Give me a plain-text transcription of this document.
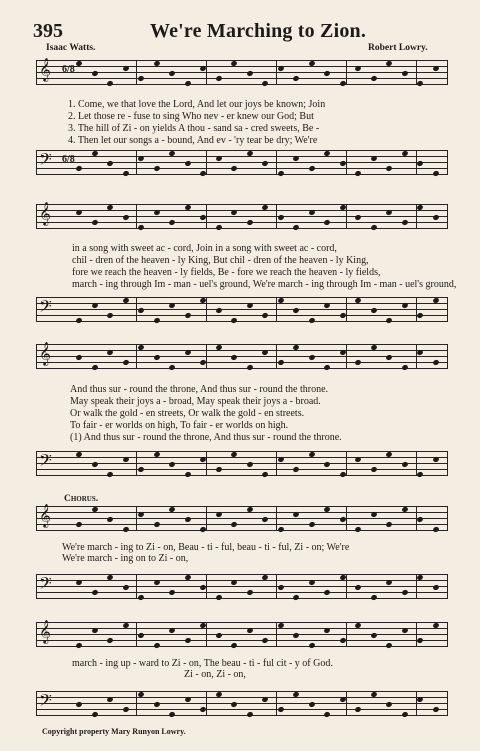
395	We're Marching to Zion.
Isaac Watts.	Robert Lowry.
𝄞 6/8
1. Come, we that love the Lord, And let our joys be known; Join
2. Let those re - fuse to sing Who nev - er knew our God; But
3. The hill of Zi - on yields A thou - sand sa - cred sweets, Be -
4. Then let our songs a - bound, And ev - 'ry tear be dry; We're
𝄢 6/8
𝄞
in a song with sweet ac - cord, Join in a song with sweet ac - cord,
chil - dren of the heaven - ly King, But chil - dren of the heaven - ly King,
fore we reach the heaven - ly fields, Be - fore we reach the heaven - ly fields,
march - ing through Im - man - uel's ground, We're march - ing through Im - man - uel's ground,
𝄢
𝄞
And thus sur - round the throne, And thus sur - round the throne.
May speak their joys a - broad, May speak their joys a - broad.
Or walk the gold - en streets, Or walk the gold - en streets.
To fair - er worlds on high, To fair - er worlds on high.
(1) And thus sur - round the throne, And thus sur - round the throne.
𝄢
Chorus.
𝄞
We're march - ing to Zi - on, Beau - ti - ful, beau - ti - ful, Zi - on; We're
We're march - ing on to Zi - on,
𝄢
𝄞
march - ing up - ward to Zi - on, The beau - ti - ful cit - y of God.
Zi - on, Zi - on,
𝄢
Copyright property Mary Runyon Lowry.
